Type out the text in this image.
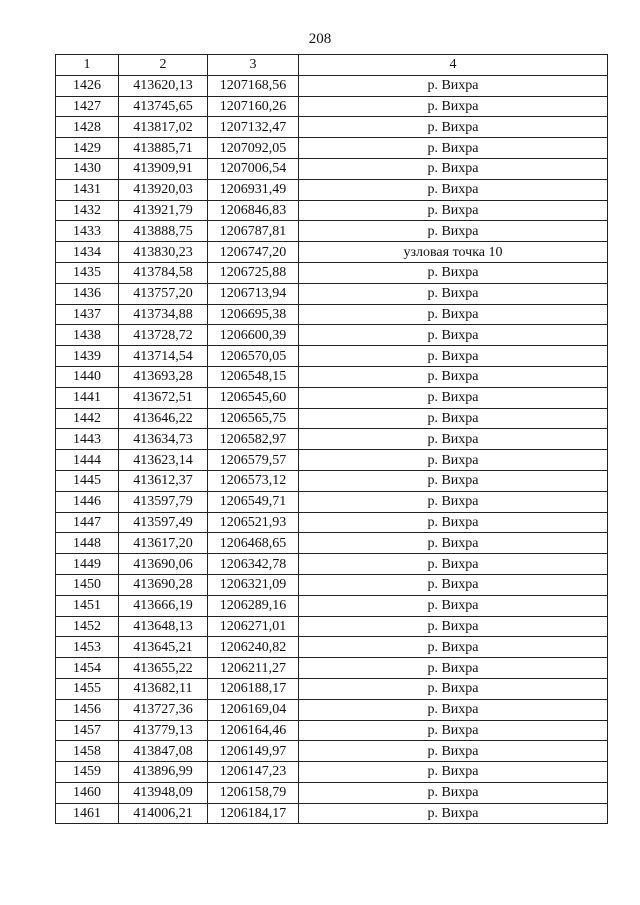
208
1	2	3	4
1426	413620,13	1207168,56	р. Вихра
1427	413745,65	1207160,26	р. Вихра
1428	413817,02	1207132,47	р. Вихра
1429	413885,71	1207092,05	р. Вихра
1430	413909,91	1207006,54	р. Вихра
1431	413920,03	1206931,49	р. Вихра
1432	413921,79	1206846,83	р. Вихра
1433	413888,75	1206787,81	р. Вихра
1434	413830,23	1206747,20	узловая точка 10
1435	413784,58	1206725,88	р. Вихра
1436	413757,20	1206713,94	р. Вихра
1437	413734,88	1206695,38	р. Вихра
1438	413728,72	1206600,39	р. Вихра
1439	413714,54	1206570,05	р. Вихра
1440	413693,28	1206548,15	р. Вихра
1441	413672,51	1206545,60	р. Вихра
1442	413646,22	1206565,75	р. Вихра
1443	413634,73	1206582,97	р. Вихра
1444	413623,14	1206579,57	р. Вихра
1445	413612,37	1206573,12	р. Вихра
1446	413597,79	1206549,71	р. Вихра
1447	413597,49	1206521,93	р. Вихра
1448	413617,20	1206468,65	р. Вихра
1449	413690,06	1206342,78	р. Вихра
1450	413690,28	1206321,09	р. Вихра
1451	413666,19	1206289,16	р. Вихра
1452	413648,13	1206271,01	р. Вихра
1453	413645,21	1206240,82	р. Вихра
1454	413655,22	1206211,27	р. Вихра
1455	413682,11	1206188,17	р. Вихра
1456	413727,36	1206169,04	р. Вихра
1457	413779,13	1206164,46	р. Вихра
1458	413847,08	1206149,97	р. Вихра
1459	413896,99	1206147,23	р. Вихра
1460	413948,09	1206158,79	р. Вихра
1461	414006,21	1206184,17	р. Вихра
